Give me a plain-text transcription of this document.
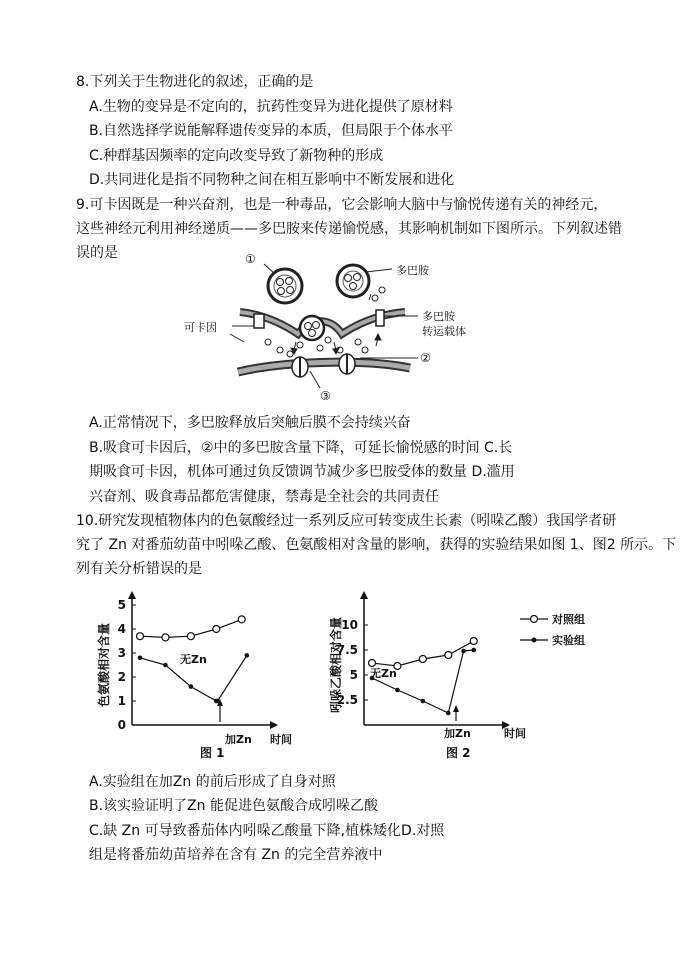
8.下列关于生物进化的叙述，正确的是
A.生物的变异是不定向的，抗药性变异为进化提供了原材料
B.自然选择学说能解释遗传变异的本质，但局限于个体水平
C.种群基因频率的定向改变导致了新物种的形成
D.共同进化是指不同物种之间在相互影响中不断发展和进化
9.可卡因既是一种兴奋剂，也是一种毒品，它会影响大脑中与愉悦传递有关的神经元，
这些神经元利用神经递质——多巴胺来传递愉悦感，其影响机制如下图所示。下列叙述错
误的是	①
多巴胺
多巴胺
转运载体
可卡因
②
③
A.正常情况下，多巴胺释放后突触后膜不会持续兴奋
B.吸食可卡因后，②中的多巴胺含量下降，可延长愉悦感的时间 C.长
期吸食可卡因，机体可通过负反馈调节减少多巴胺受体的数量 D.滥用
兴奋剂、吸食毒品都危害健康，禁毒是全社会的共同责任
10.研究发现植物体内的色氨酸经过一系列反应可转变成生长素（吲哚乙酸）我国学者研
究了 Zn 对番茄幼苗中吲哚乙酸、色氨酸相对含量的影响，获得的实验结果如图 1、图2 所示。下
列有关分析错误的是
0
1
2
3
4
5
色氨酸相对含量
时间
图 1
无Zn
加Zn
2.5
5
7.5
10
吲哚乙酸相对含量
时间
图 2
无Zn
加Zn
对照组
实验组
A.实验组在加Zn 的前后形成了自身对照
B.该实验证明了Zn 能促进色氨酸合成吲哚乙酸
C.缺 Zn 可导致番茄体内吲哚乙酸量下降,植株矮化D.对照
组是将番茄幼苗培养在含有 Zn 的完全营养液中
